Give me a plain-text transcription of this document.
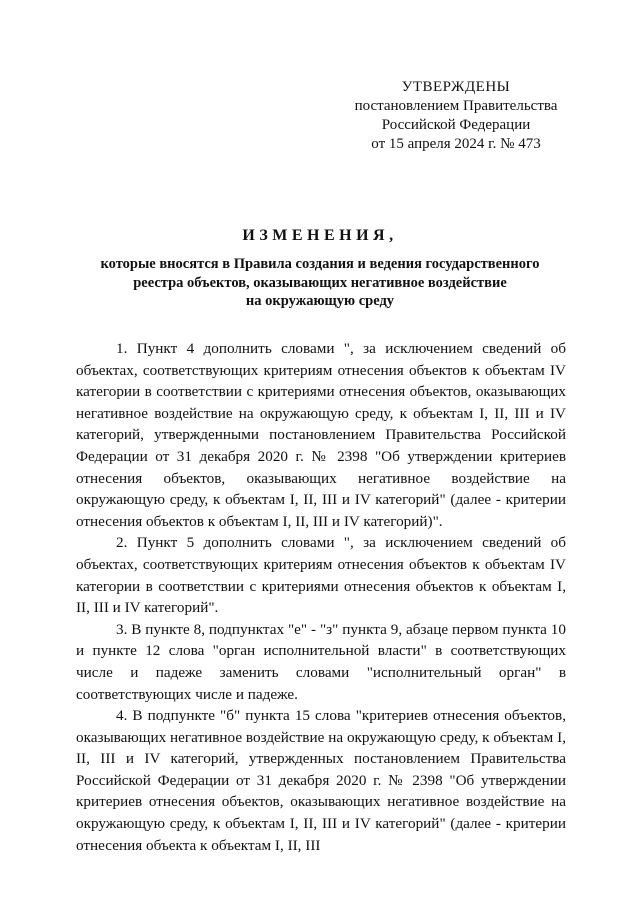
УТВЕРЖДЕНЫ
постановлением Правительства
Российской Федерации
от 15 апреля 2024 г. № 473
ИЗМЕНЕНИЯ,
которые вносятся в Правила создания и ведения государственного
реестра объектов, оказывающих негативное воздействие
на окружающую среду

1. Пункт 4 дополнить словами ", за исключением сведений об объектах, соответствующих критериям отнесения объектов к объектам IV категории в соответствии с критериями отнесения объектов, оказывающих негативное воздействие на окружающую среду, к объектам I, II, III и IV категорий, утвержденными постановлением Правительства Российской Федерации от 31 декабря 2020 г. № 2398 "Об утверждении критериев отнесения объектов, оказывающих негативное воздействие на окружающую среду, к объектам I, II, III и IV категорий" (далее - критерии отнесения объектов к объектам I, II, III и IV категорий)".

2. Пункт 5 дополнить словами ", за исключением сведений об объектах, соответствующих критериям отнесения объектов к объектам IV категории в соответствии с критериями отнесения объектов к объектам I, II, III и IV категорий".

3. В пункте 8, подпунктах "е" - "з" пункта 9, абзаце первом пункта 10 и пункте 12 слова "орган исполнительной власти" в соответствующих числе и падеже заменить словами "исполнительный орган" в соответствующих числе и падеже.

4. В подпункте "б" пункта 15 слова "критериев отнесения объектов, оказывающих негативное воздействие на окружающую среду, к объектам I, II, III и IV категорий, утвержденных постановлением Правительства Российской Федерации от 31 декабря 2020 г. № 2398 "Об утверждении критериев отнесения объектов, оказывающих негативное воздействие на окружающую среду, к объектам I, II, III и IV категорий" (далее - критерии отнесения объекта к объектам I, II, III
